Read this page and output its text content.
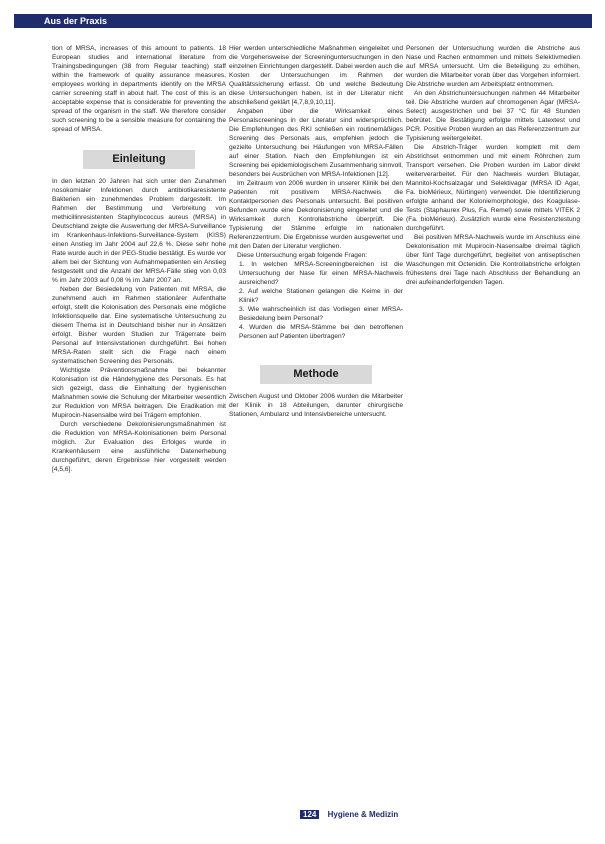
Aus der Praxis

tion of MRSA, increases of this amount to patients. 18 European studies and international literature from Trainingsbedingungen (38 from Regular teaching) staff within the framework of quality assurance measures, employees working in departments identify on the MRSA carrier screening staff in about half. The cost of this is an acceptable expense that is considerable for preventing the spread of the organism in the staff. We therefore consider such screening to be a sensible measure for containing the spread of MRSA.

Einleitung

In den letzten 20 Jahren hat sich unter den Zunahmen nosokomialer Infektionen durch antibiotikaresistente Bakterien ein zunehmendes Problem dargestellt. Im Rahmen der Bestimmung und Verbreitung von methicillinresistenten Staphylococcus aureus (MRSA) in Deutschland zeigte die Auswertung der MRSA-Surveillance im Krankenhaus-Infektions-Surveillance-System (KISS) einen Anstieg im Jahr 2004 auf 22,6 %. Diese sehr hohe Rate wurde auch in der PEG-Studie bestätigt. Es wurde vor allem bei der Sichtung von Aufnahmepatienten ein Anstieg festgestellt und die Anzahl der MRSA-Fälle stieg von 0,03 % im Jahr 2003 auf 0,08 % im Jahr 2007 an.

Neben der Besiedelung von Patienten mit MRSA, die zunehmend auch im Rahmen stationärer Aufenthalte erfolgt, stellt die Kolonisation des Personals eine mögliche Infektionsquelle dar. Eine systematische Untersuchung zu diesem Thema ist in Deutschland bisher nur in Ansätzen erfolgt. Bisher wurden Studien zur Trägerrate beim Personal auf Intensivstationen durchgeführt. Bei hohen MRSA-Raten stellt sich die Frage nach einem systematischen Screening des Personals.

Wichtigste Präventionsmaßnahme bei bekannter Kolonisation ist die Händehygiene des Personals. Es hat sich gezeigt, dass die Einhaltung der hygienischen Maßnahmen sowie die Schulung der Mitarbeiter wesentlich zur Reduktion von MRSA beitragen. Die Eradikation mit Mupirocin-Nasensalbe wird bei Trägern empfohlen.

Durch verschiedene Dekolonisierungsmaßnahmen ist die Reduktion von MRSA-Kolonisationen beim Personal möglich. Zur Evaluation des Erfolges wurde in Krankenhäusern eine ausführliche Datenerhebung durchgeführt, deren Ergebnisse hier vorgestellt werden [4,5,6].

Hier werden unterschiedliche Maßnahmen eingeleitet und die Vorgehensweise der Screeninguntersuchungen in den einzelnen Einrichtungen dargestellt. Dabei werden auch die Kosten der Untersuchungen im Rahmen der Qualitätssicherung erfasst. Ob und welche Bedeutung diese Untersuchungen haben, ist in der Literatur nicht abschließend geklärt [4,7,8,9,10,11].

Angaben über die Wirksamkeit eines Personalscreenings in der Literatur sind widersprüchlich. Die Empfehlungen des RKI schließen ein routinemäßiges Screening des Personals aus, empfehlen jedoch die gezielte Untersuchung bei Häufungen von MRSA-Fällen auf einer Station. Nach den Empfehlungen ist ein Screening bei epidemiologischem Zusammenhang sinnvoll, besonders bei Ausbrüchen von MRSA-Infektionen [12].

Im Zeitraum von 2006 wurden in unserer Klinik bei den Patienten mit positivem MRSA-Nachweis die Kontaktpersonen des Personals untersucht. Bei positiven Befunden wurde eine Dekolonisierung eingeleitet und die Wirksamkeit durch Kontrollabstriche überprüft. Die Typisierung der Stämme erfolgte im nationalen Referenzzentrum. Die Ergebnisse wurden ausgewertet und mit den Daten der Literatur verglichen.

Diese Untersuchung ergab folgende Fragen:

1. In welchen MRSA-Screeningbereichen ist die Untersuchung der Nase für einen MRSA-Nachweis ausreichend?
2. Auf welche Stationen gelangen die Keime in der Klinik?
3. Wie wahrscheinlich ist das Vorliegen einer MRSA-Besiedelung beim Personal?
4. Wurden die MRSA-Stämme bei den betroffenen Personen auf Patienten übertragen?
Methode

Zwischen August und Oktober 2006 wurden die Mitarbeiter der Klinik in 18 Abteilungen, darunter chirurgische Stationen, Ambulanz und Intensivbereiche untersucht.

Personen der Untersuchung wurden die Abstriche aus Nase und Rachen entnommen und mittels Selektivmedien auf MRSA untersucht. Um die Beteiligung zu erhöhen, wurden die Mitarbeiter vorab über das Vorgehen informiert. Die Abstriche wurden am Arbeitsplatz entnommen.

An den Abstrichuntersuchungen nahmen 44 Mitarbeiter teil. Die Abstriche wurden auf chromogenen Agar (MRSA-Select) ausgestrichen und bei 37 °C für 48 Stunden bebrütet. Die Bestätigung erfolgte mittels Latextest und PCR. Positive Proben wurden an das Referenzzentrum zur Typisierung weitergeleitet.

Die Abstrich-Träger wurden komplett mit dem Abstrichset entnommen und mit einem Röhrchen zum Transport versehen. Die Proben wurden im Labor direkt weiterverarbeitet. Für den Nachweis wurden Blutagar, Mannitol-Kochsalzagar und Selektivagar (MRSA ID Agar, Fa. bioMérieux, Nürtingen) verwendet. Die Identifizierung erfolgte anhand der Koloniemorphologie, des Koagulase-Tests (Staphaurex Plus, Fa. Remel) sowie mittels VITEK 2 (Fa. bioMérieux). Zusätzlich wurde eine Resistenztestung durchgeführt.

Bei positiven MRSA-Nachweis wurde im Anschluss eine Dekolonisation mit Mupirocin-Nasensalbe dreimal täglich über fünf Tage durchgeführt, begleitet von antiseptischen Waschungen mit Octenidin. Die Kontrollabstriche erfolgten frühestens drei Tage nach Abschluss der Behandlung an drei aufeinanderfolgenden Tagen.

124 Hygiene & Medizin
